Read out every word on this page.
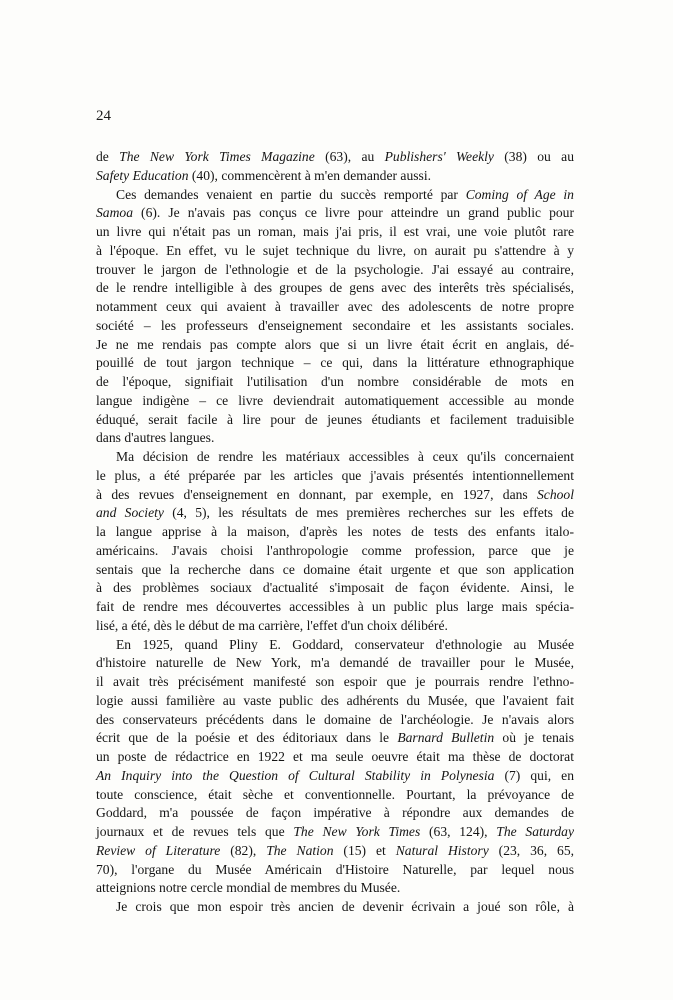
24
de The New York Times Magazine (63), au Publishers' Weekly (38) ou au
Safety Education (40), commencèrent à m'en demander aussi.
Ces demandes venaient en partie du succès remporté par Coming of Age in
Samoa (6). Je n'avais pas conçus ce livre pour atteindre un grand public pour
un livre qui n'était pas un roman, mais j'ai pris, il est vrai, une voie plutôt rare
à l'époque. En effet, vu le sujet technique du livre, on aurait pu s'attendre à y
trouver le jargon de l'ethnologie et de la psychologie. J'ai essayé au contraire,
de le rendre intelligible à des groupes de gens avec des interêts très spécialisés,
notamment ceux qui avaient à travailler avec des adolescents de notre propre
société – les professeurs d'enseignement secondaire et les assistants sociales.
Je ne me rendais pas compte alors que si un livre était écrit en anglais, dé-
pouillé de tout jargon technique – ce qui, dans la littérature ethnographique
de l'époque, signifiait l'utilisation d'un nombre considérable de mots en
langue indigène – ce livre deviendrait automatiquement accessible au monde
éduqué, serait facile à lire pour de jeunes étudiants et facilement traduisible
dans d'autres langues.
Ma décision de rendre les matériaux accessibles à ceux qu'ils concernaient
le plus, a été préparée par les articles que j'avais présentés intentionnellement
à des revues d'enseignement en donnant, par exemple, en 1927, dans School
and Society (4, 5), les résultats de mes premières recherches sur les effets de
la langue apprise à la maison, d'après les notes de tests des enfants italo-
américains. J'avais choisi l'anthropologie comme profession, parce que je
sentais que la recherche dans ce domaine était urgente et que son application
à des problèmes sociaux d'actualité s'imposait de façon évidente. Ainsi, le
fait de rendre mes découvertes accessibles à un public plus large mais spécia-
lisé, a été, dès le début de ma carrière, l'effet d'un choix délibéré.
En 1925, quand Pliny E. Goddard, conservateur d'ethnologie au Musée
d'histoire naturelle de New York, m'a demandé de travailler pour le Musée,
il avait très précisément manifesté son espoir que je pourrais rendre l'ethno-
logie aussi familière au vaste public des adhérents du Musée, que l'avaient fait
des conservateurs précédents dans le domaine de l'archéologie. Je n'avais alors
écrit que de la poésie et des éditoriaux dans le Barnard Bulletin où je tenais
un poste de rédactrice en 1922 et ma seule oeuvre était ma thèse de doctorat
An Inquiry into the Question of Cultural Stability in Polynesia (7) qui, en
toute conscience, était sèche et conventionnelle. Pourtant, la prévoyance de
Goddard, m'a poussée de façon impérative à répondre aux demandes de
journaux et de revues tels que The New York Times (63, 124), The Saturday
Review of Literature (82), The Nation (15) et Natural History (23, 36, 65,
70), l'organe du Musée Américain d'Histoire Naturelle, par lequel nous
atteignions notre cercle mondial de membres du Musée.
Je crois que mon espoir très ancien de devenir écrivain a joué son rôle, à
